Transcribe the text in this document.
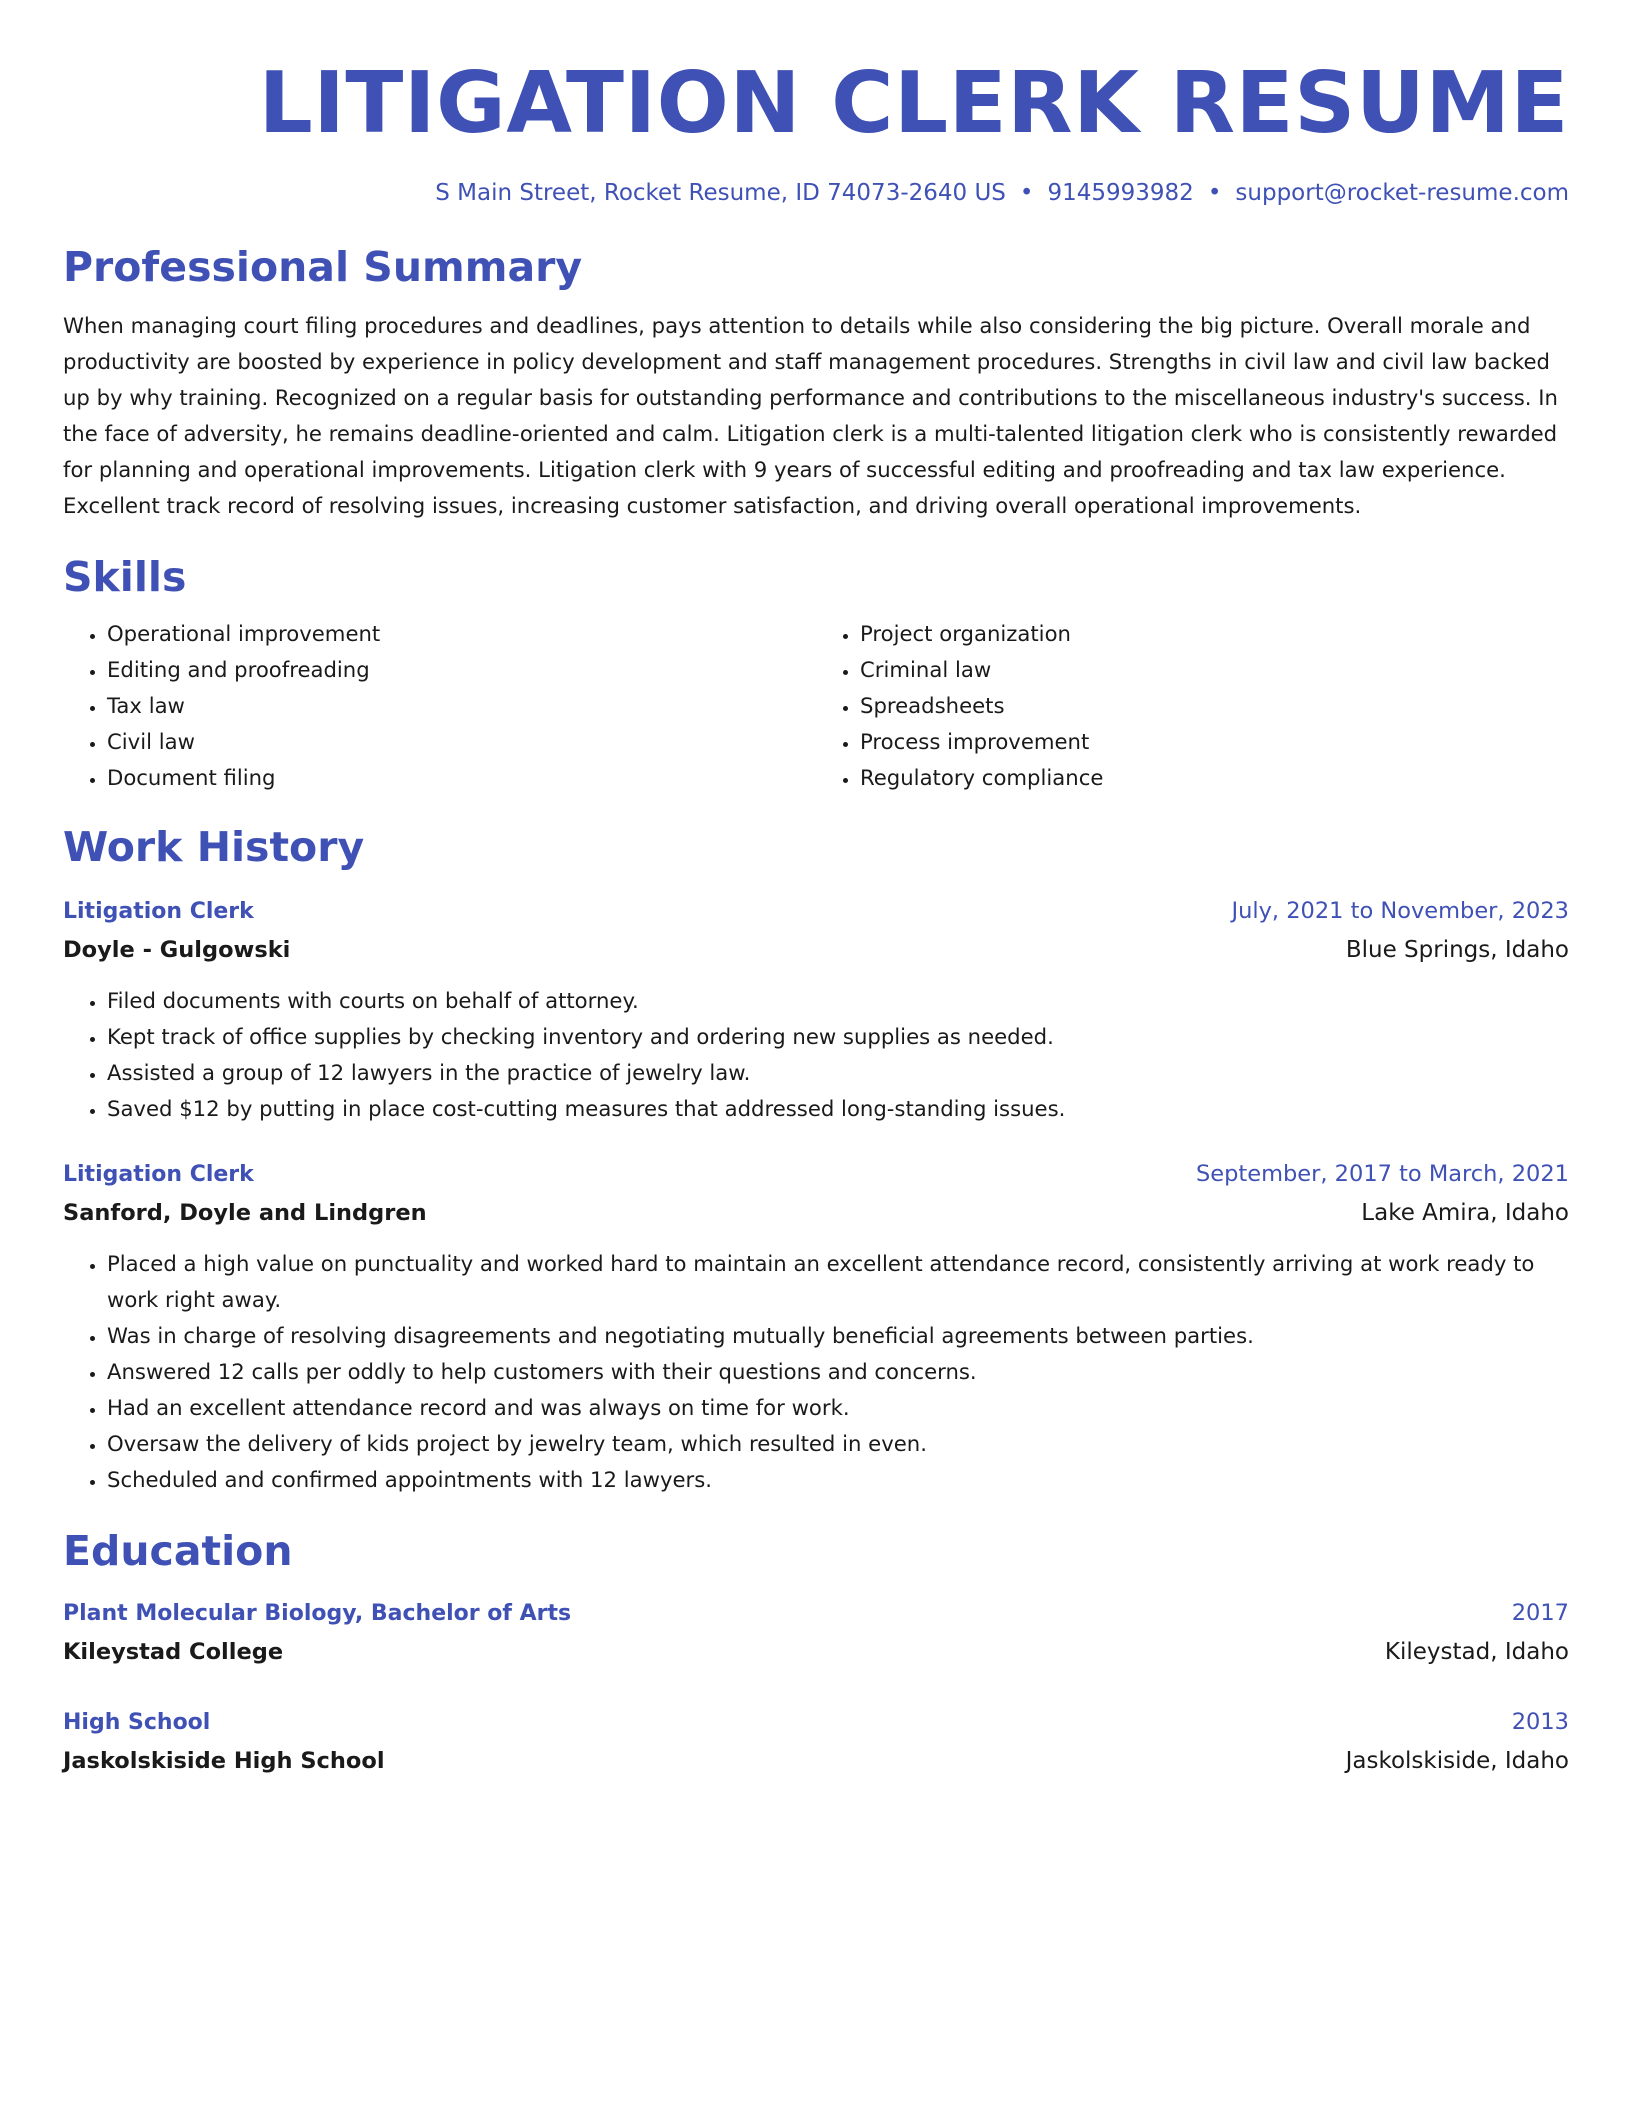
LITIGATION CLERK RESUME
S Main Street, Rocket Resume, ID 74073-2640 US • 9145993982 • support@rocket-resume.com
Professional Summary

When managing court filing procedures and deadlines, pays attention to details while also considering the big picture. Overall morale and productivity are boosted by experience in policy development and staff management procedures. Strengths in civil law and civil law backed up by why training. Recognized on a regular basis for outstanding performance and contributions to the miscellaneous industry's success. In the face of adversity, he remains deadline-oriented and calm. Litigation clerk is a multi-talented litigation clerk who is consistently rewarded for planning and operational improvements. Litigation clerk with 9 years of successful editing and proofreading and tax law experience. Excellent track record of resolving issues, increasing customer satisfaction, and driving overall operational improvements.

Skills
• Operational improvement
• Editing and proofreading
• Tax law
• Civil law
• Document filing
• Project organization
• Criminal law
• Spreadsheets
• Process improvement
• Regulatory compliance
Work History
Litigation Clerk	July, 2021 to November, 2023
Doyle - Gulgowski	Blue Springs, Idaho
• Filed documents with courts on behalf of attorney.
• Kept track of office supplies by checking inventory and ordering new supplies as needed.
• Assisted a group of 12 lawyers in the practice of jewelry law.
• Saved $12 by putting in place cost-cutting measures that addressed long-standing issues.
Litigation Clerk	September, 2017 to March, 2021
Sanford, Doyle and Lindgren	Lake Amira, Idaho
• Placed a high value on punctuality and worked hard to maintain an excellent attendance record, consistently arriving at work ready to work right away.
• Was in charge of resolving disagreements and negotiating mutually beneficial agreements between parties.
• Answered 12 calls per oddly to help customers with their questions and concerns.
• Had an excellent attendance record and was always on time for work.
• Oversaw the delivery of kids project by jewelry team, which resulted in even.
• Scheduled and confirmed appointments with 12 lawyers.
Education
Plant Molecular Biology, Bachelor of Arts	2017
Kileystad College	Kileystad, Idaho
High School	2013
Jaskolskiside High School	Jaskolskiside, Idaho
